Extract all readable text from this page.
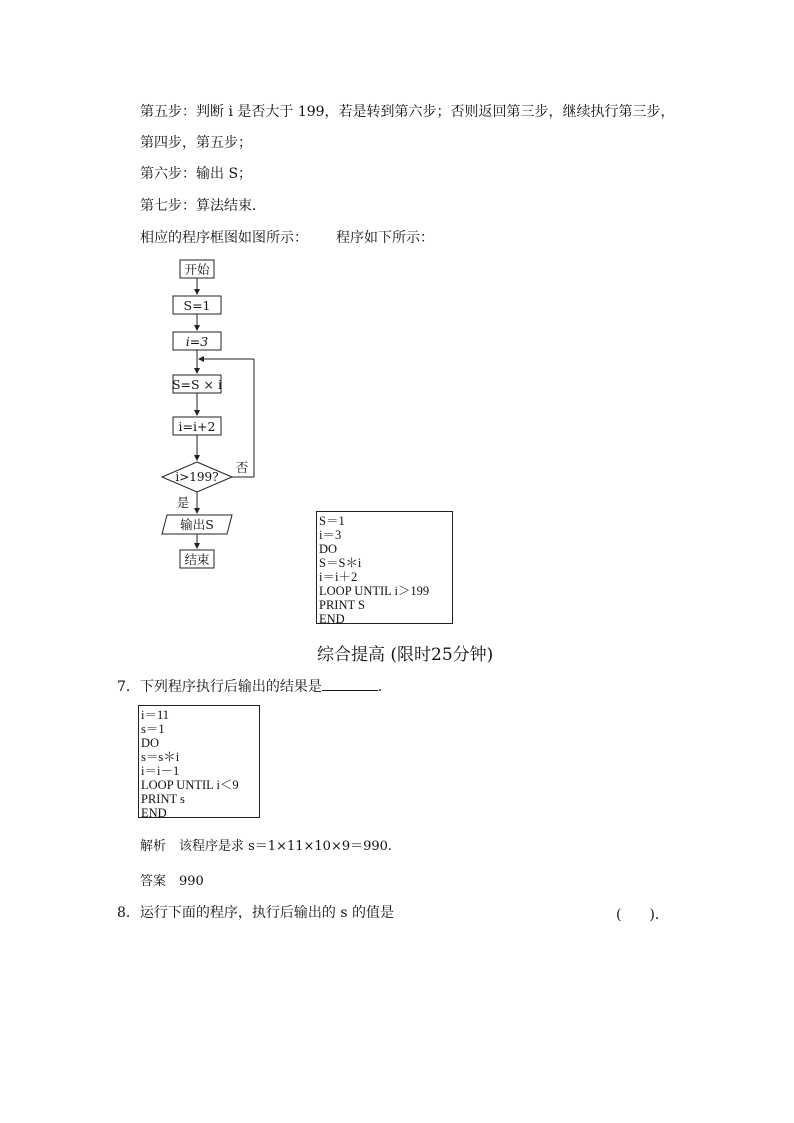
第五步：判断 i 是否大于 199，若是转到第六步；否则返回第三步，继续执行第三步，
第四步，第五步；
第六步：输出 S；
第七步：算法结束．
相应的程序框图如图所示： 程序如下所示：
开始
S=1
i=3
S=S × i
i=i+2
i>199?
否
是
输出S
结束
S＝1
i＝3
DO
S＝S＊i
i＝i＋2
LOOP UNTIL i＞199
PRINT S
END
综合提高 (限时25分钟)
7．下列程序执行后输出的结果是	．
i＝11
s＝1
DO
s＝s＊i
i＝i－1
LOOP UNTIL i＜9
PRINT s
END
解析　该程序是求 s＝1×11×10×9＝990.
答案　990
8．运行下面的程序，执行后输出的 s 的值是	(　　)．
